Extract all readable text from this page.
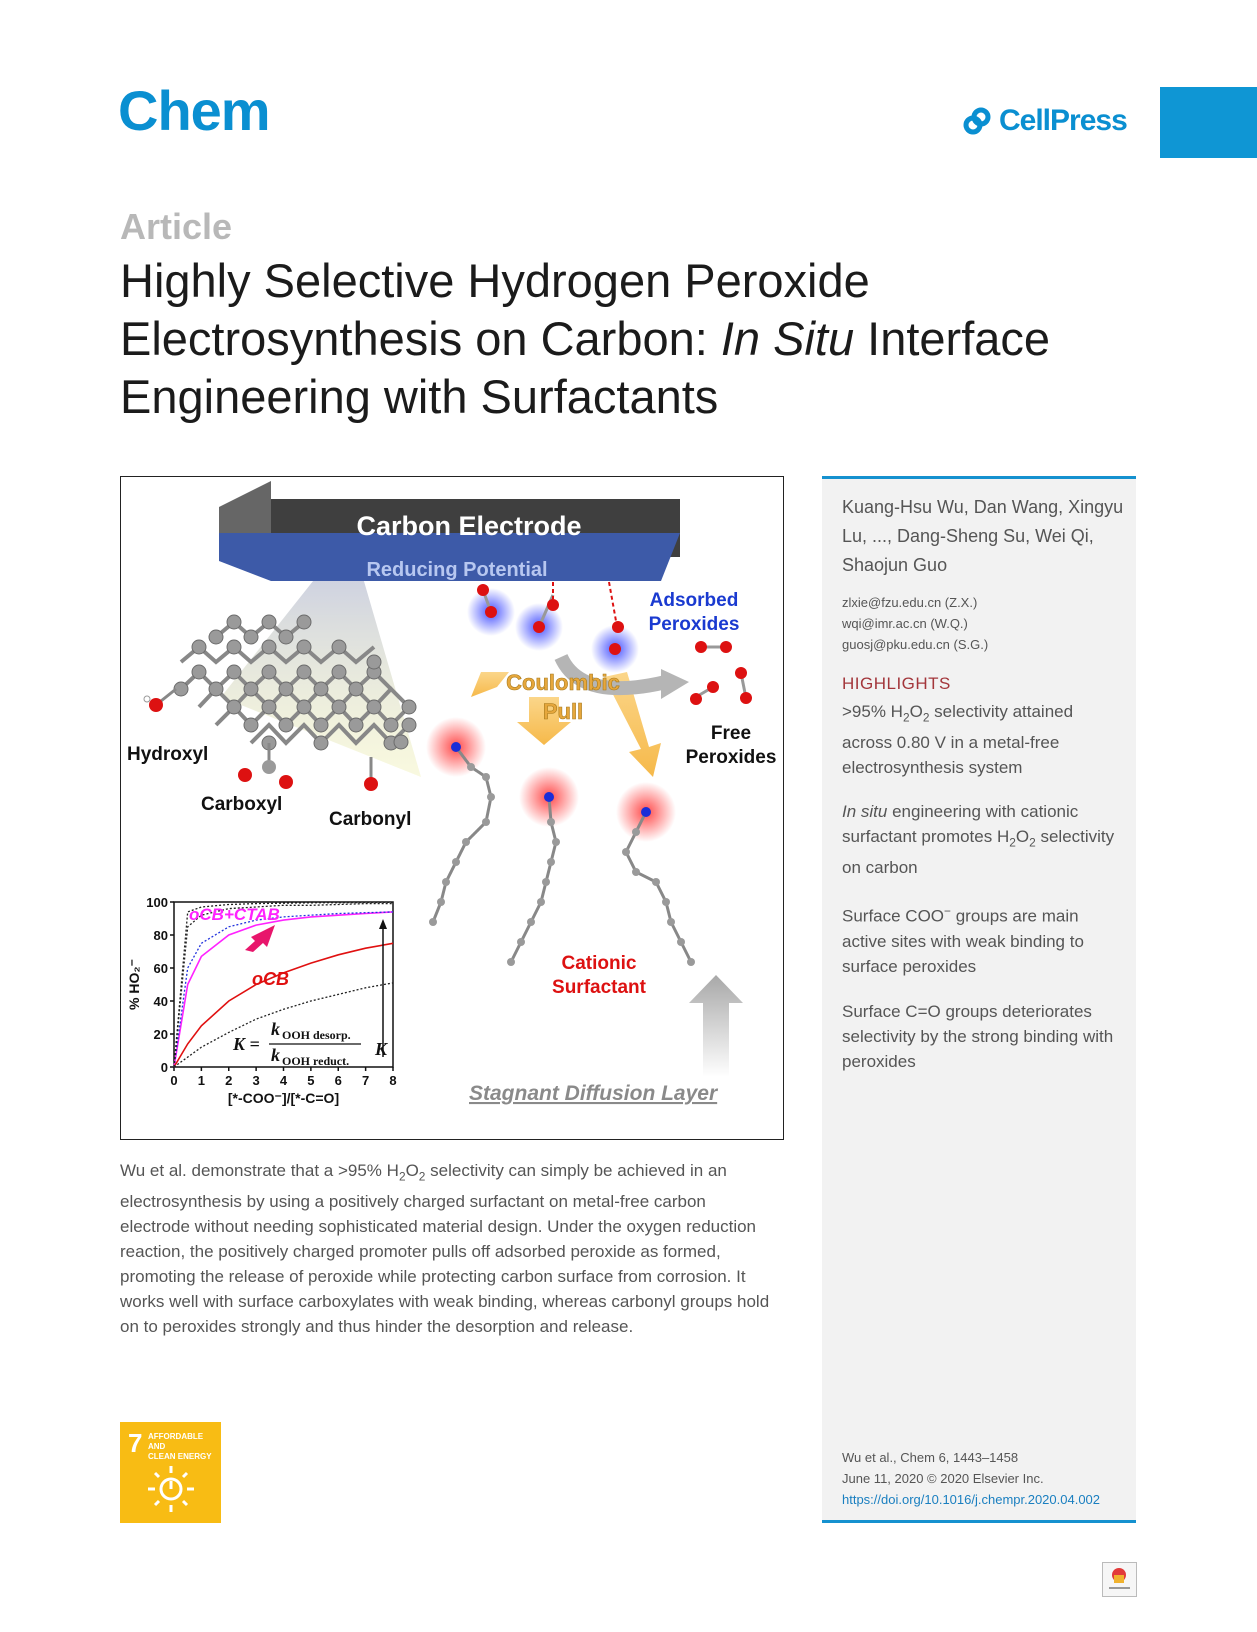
Chem	CellPress
Article
Highly Selective Hydrogen Peroxide Electrosynthesis on Carbon: In Situ Interface Engineering with Surfactants
Carbon Electrode
Reducing Potential
Adsorbed
Peroxides
Coulombic
Pull
Free
Peroxides
Hydroxyl
Carboxyl
Carbonyl
Cationic
Surfactant
Stagnant Diffusion Layer
0 1 2 3 4 5 6 7 8
0
20
40
60
80
100
[*-COO⁻]/[*-C=O]
% HO₂⁻
oCB+CTAB
oCB
K
K =
k OOH desorp.
k OOH reduct.
Kuang-Hsu Wu, Dan Wang, Xingyu Lu, ..., Dang-Sheng Su, Wei Qi, Shaojun Guo
zlxie@fzu.edu.cn (Z.X.)
wqi@imr.ac.cn (W.Q.)
guosj@pku.edu.cn (S.G.)
HIGHLIGHTS
>95% $H_2O_2$ selectivity attained across 0.80 V in a metal-free electrosynthesis system
In situ engineering with cationic surfactant promotes $H_2O_2$ selectivity on carbon
Surface COO− groups are main active sites with weak binding to surface peroxides
Surface C=O groups deteriorates selectivity by the strong binding with peroxides
Wu et al., Chem 6, 1443–1458
June 11, 2020 © 2020 Elsevier Inc.
https://doi.org/10.1016/j.chempr.2020.04.002
Wu et al. demonstrate that a >95% $H_2O_2$ selectivity can simply be achieved in an electrosynthesis by using a positively charged surfactant on metal-free carbon electrode without needing sophisticated material design. Under the oxygen reduction reaction, the positively charged promoter pulls off adsorbed peroxide as formed, promoting the release of peroxide while protecting carbon surface from corrosion. It works well with surface carboxylates with weak binding, whereas carbonyl groups hold on to peroxides strongly and thus hinder the desorption and release.
7 AFFORDABLE AND
CLEAN ENERGY
